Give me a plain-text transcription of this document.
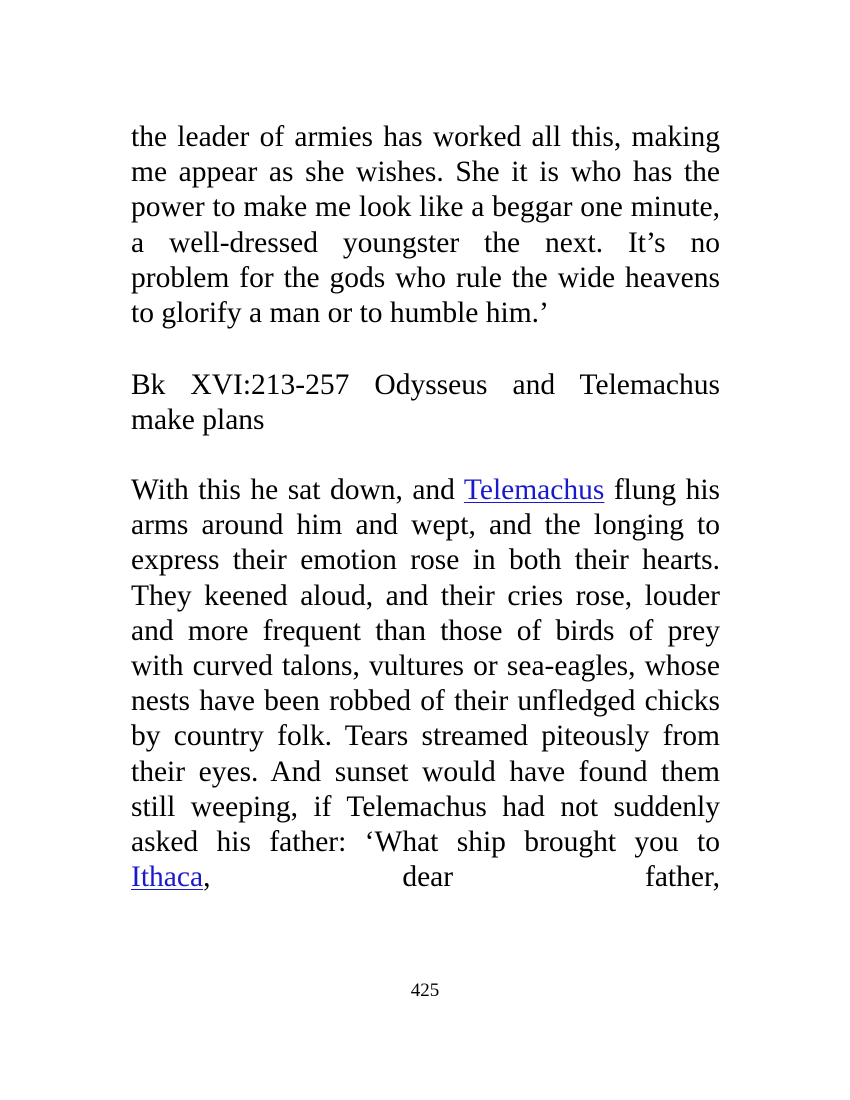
the leader of armies has worked all this, making me appear as she wishes. She it is who has the power to make me look like a beggar one minute, a well-dressed youngster the next. It’s no problem for the gods who rule the wide heavens to glorify a man or to humble him.’

Bk XVI:213-257 Odysseus and Telemachus make plans

With this he sat down, and Telemachus flung his arms around him and wept, and the longing to express their emotion rose in both their hearts. They keened aloud, and their cries rose, louder and more frequent than those of birds of prey with curved talons, vultures or sea-eagles, whose nests have been robbed of their unfledged chicks by country folk. Tears streamed piteously from their eyes. And sunset would have found them still weeping, if Telemachus had not suddenly asked his father: ‘What ship brought you to Ithaca, dear father,

425
